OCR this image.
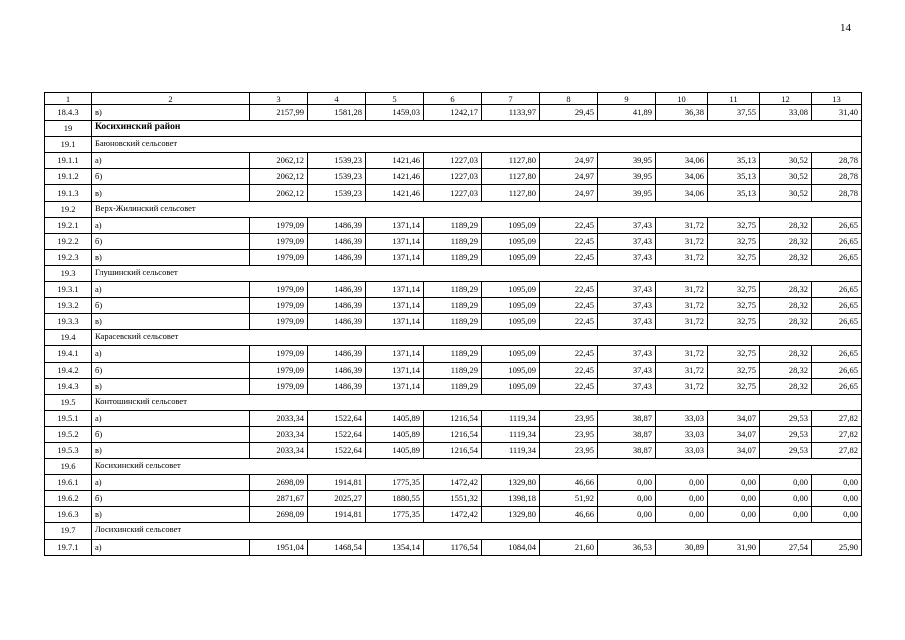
14
1	2	3	4	5	6	7	8	9	10	11	12	13
18.4.3	в)	2157,99	1581,28	1459,03	1242,17	1133,97	29,45	41,89	36,38	37,55	33,08	31,40
19	Косихинский район											
19.1	Баюновский сельсовет											
19.1.1	а)	2062,12	1539,23	1421,46	1227,03	1127,80	24,97	39,95	34,06	35,13	30,52	28,78
19.1.2	б)	2062,12	1539,23	1421,46	1227,03	1127,80	24,97	39,95	34,06	35,13	30,52	28,78
19.1.3	в)	2062,12	1539,23	1421,46	1227,03	1127,80	24,97	39,95	34,06	35,13	30,52	28,78
19.2	Верх-Жилинский сельсовет											
19.2.1	а)	1979,09	1486,39	1371,14	1189,29	1095,09	22,45	37,43	31,72	32,75	28,32	26,65
19.2.2	б)	1979,09	1486,39	1371,14	1189,29	1095,09	22,45	37,43	31,72	32,75	28,32	26,65
19.2.3	в)	1979,09	1486,39	1371,14	1189,29	1095,09	22,45	37,43	31,72	32,75	28,32	26,65
19.3	Глушинский сельсовет											
19.3.1	а)	1979,09	1486,39	1371,14	1189,29	1095,09	22,45	37,43	31,72	32,75	28,32	26,65
19.3.2	б)	1979,09	1486,39	1371,14	1189,29	1095,09	22,45	37,43	31,72	32,75	28,32	26,65
19.3.3	в)	1979,09	1486,39	1371,14	1189,29	1095,09	22,45	37,43	31,72	32,75	28,32	26,65
19.4	Карасевский сельсовет											
19.4.1	а)	1979,09	1486,39	1371,14	1189,29	1095,09	22,45	37,43	31,72	32,75	28,32	26,65
19.4.2	б)	1979,09	1486,39	1371,14	1189,29	1095,09	22,45	37,43	31,72	32,75	28,32	26,65
19.4.3	в)	1979,09	1486,39	1371,14	1189,29	1095,09	22,45	37,43	31,72	32,75	28,32	26,65
19.5	Контошинский сельсовет											
19.5.1	а)	2033,34	1522,64	1405,89	1216,54	1119,34	23,95	38,87	33,03	34,07	29,53	27,82
19.5.2	б)	2033,34	1522,64	1405,89	1216,54	1119,34	23,95	38,87	33,03	34,07	29,53	27,82
19.5.3	в)	2033,34	1522,64	1405,89	1216,54	1119,34	23,95	38,87	33,03	34,07	29,53	27,82
19.6	Косихинский сельсовет											
19.6.1	а)	2698,09	1914,81	1775,35	1472,42	1329,80	46,66	0,00	0,00	0,00	0,00	0,00
19.6.2	б)	2871,67	2025,27	1880,55	1551,32	1398,18	51,92	0,00	0,00	0,00	0,00	0,00
19.6.3	в)	2698,09	1914,81	1775,35	1472,42	1329,80	46,66	0,00	0,00	0,00	0,00	0,00
19.7	Лосихинский сельсовет											
19.7.1	а)	1951,04	1468,54	1354,14	1176,54	1084,04	21,60	36,53	30,89	31,90	27,54	25,90
